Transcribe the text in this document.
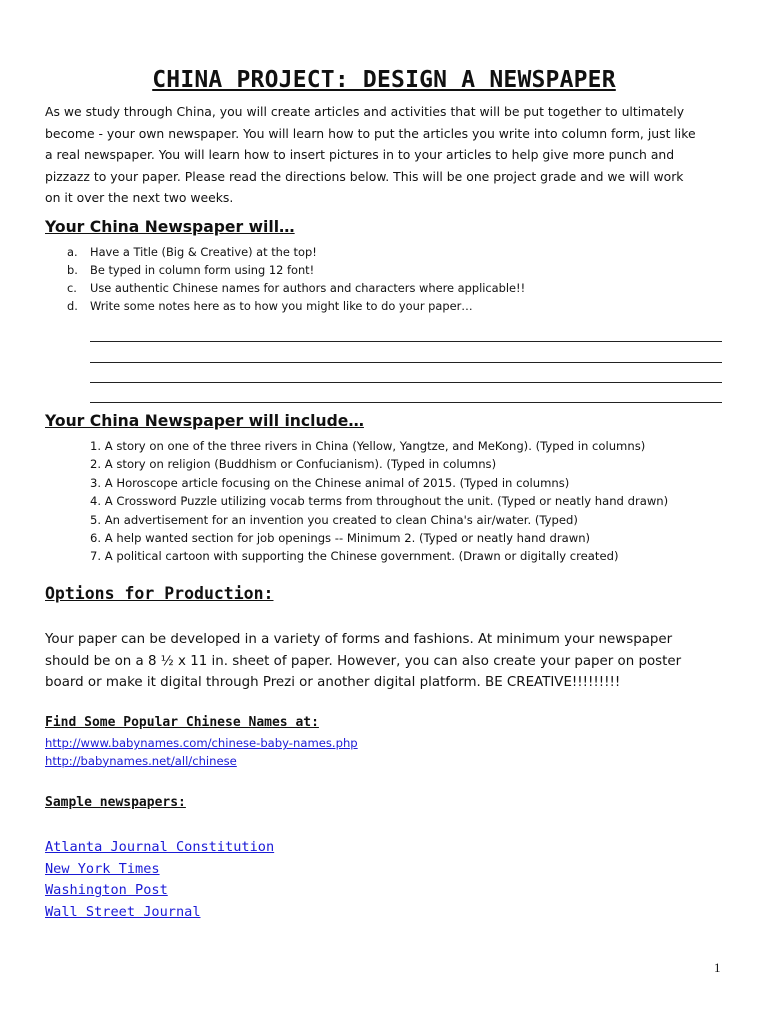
CHINA PROJECT: DESIGN A NEWSPAPER

As we study through China, you will create articles and activities that will be put together to ultimately
become - your own newspaper. You will learn how to put the articles you write into column form, just like
a real newspaper. You will learn how to insert pictures in to your articles to help give more punch and
pizzazz to your paper. Please read the directions below. This will be one project grade and we will work
on it over the next two weeks.

Your China Newspaper will…
a. Have a Title (Big & Creative) at the top!
b. Be typed in column form using 12 font!
c. Use authentic Chinese names for authors and characters where applicable!!
d. Write some notes here as to how you might like to do your paper…
Your China Newspaper will include…
1. A story on one of the three rivers in China (Yellow, Yangtze, and MeKong). (Typed in columns)
2. A story on religion (Buddhism or Confucianism). (Typed in columns)
3. A Horoscope article focusing on the Chinese animal of 2015. (Typed in columns)
4. A Crossword Puzzle utilizing vocab terms from throughout the unit. (Typed or neatly hand drawn)
5. An advertisement for an invention you created to clean China's air/water. (Typed)
6. A help wanted section for job openings -- Minimum 2. (Typed or neatly hand drawn)
7. A political cartoon with supporting the Chinese government. (Drawn or digitally created)
Options for Production:

Your paper can be developed in a variety of forms and fashions. At minimum your newspaper
should be on a 8 ½ x 11 in. sheet of paper. However, you can also create your paper on poster
board or make it digital through Prezi or another digital platform. BE CREATIVE!!!!!!!!!

Find Some Popular Chinese Names at:
http://www.babynames.com/chinese-baby-names.php
http://babynames.net/all/chinese
Sample newspapers:
Atlanta Journal Constitution
New York Times
Washington Post
Wall Street Journal
1
